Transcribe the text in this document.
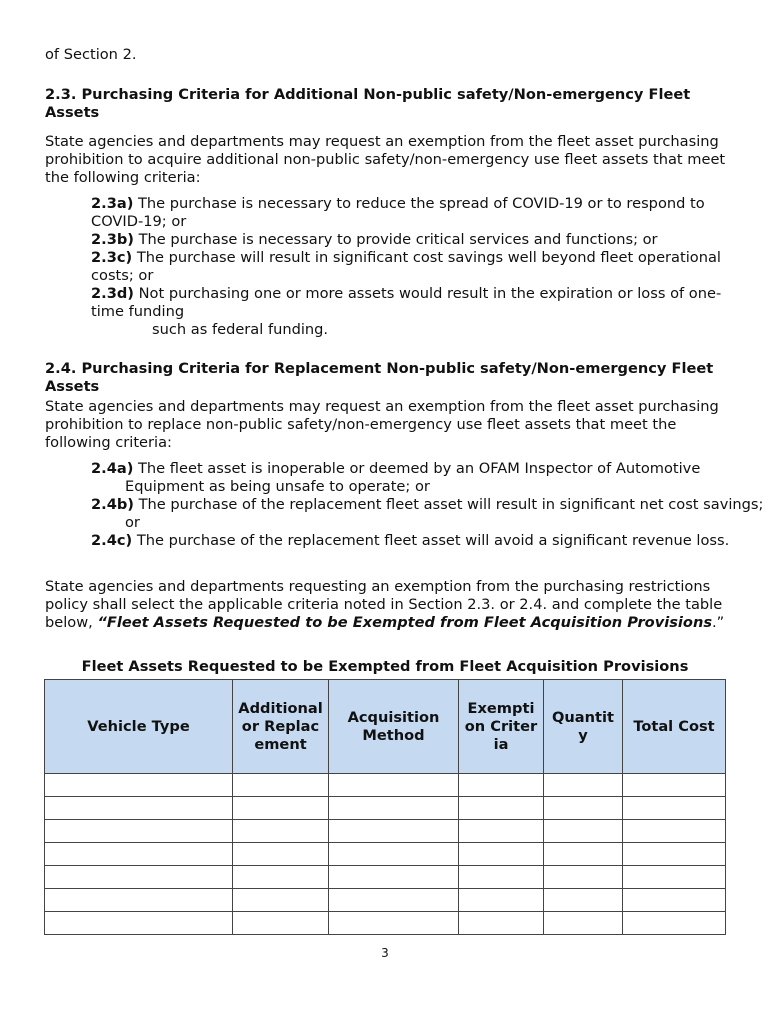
of Section 2.
2.3. Purchasing Criteria for Additional Non-public safety/Non-emergency Fleet Assets
State agencies and departments may request an exemption from the fleet asset purchasing prohibition to acquire additional non-public safety/non-emergency use fleet assets that meet the following criteria:
2.3a) The purchase is necessary to reduce the spread of COVID-19 or to respond to COVID-19; or
2.3b) The purchase is necessary to provide critical services and functions; or
2.3c) The purchase will result in significant cost savings well beyond fleet operational costs; or
2.3d) Not purchasing one or more assets would result in the expiration or loss of one-time funding
such as federal funding.
2.4. Purchasing Criteria for Replacement Non-public safety/Non-emergency Fleet Assets
State agencies and departments may request an exemption from the fleet asset purchasing prohibition to replace non-public safety/non-emergency use fleet assets that meet the following criteria:
2.4a) The fleet asset is inoperable or deemed by an OFAM Inspector of Automotive Equipment as being unsafe to operate; or
2.4b) The purchase of the replacement fleet asset will result in significant net cost savings; or
2.4c) The purchase of the replacement fleet asset will avoid a significant revenue loss.
State agencies and departments requesting an exemption from the purchasing restrictions policy shall select the applicable criteria noted in Section 2.3. or 2.4. and complete the table below, “Fleet Assets Requested to be Exempted from Fleet Acquisition Provisions.”
Fleet Assets Requested to be Exempted from Fleet Acquisition Provisions
Vehicle Type	Additional or Replacement	Acquisition Method	Exemption Criteria	Quantity	Total Cost

3
